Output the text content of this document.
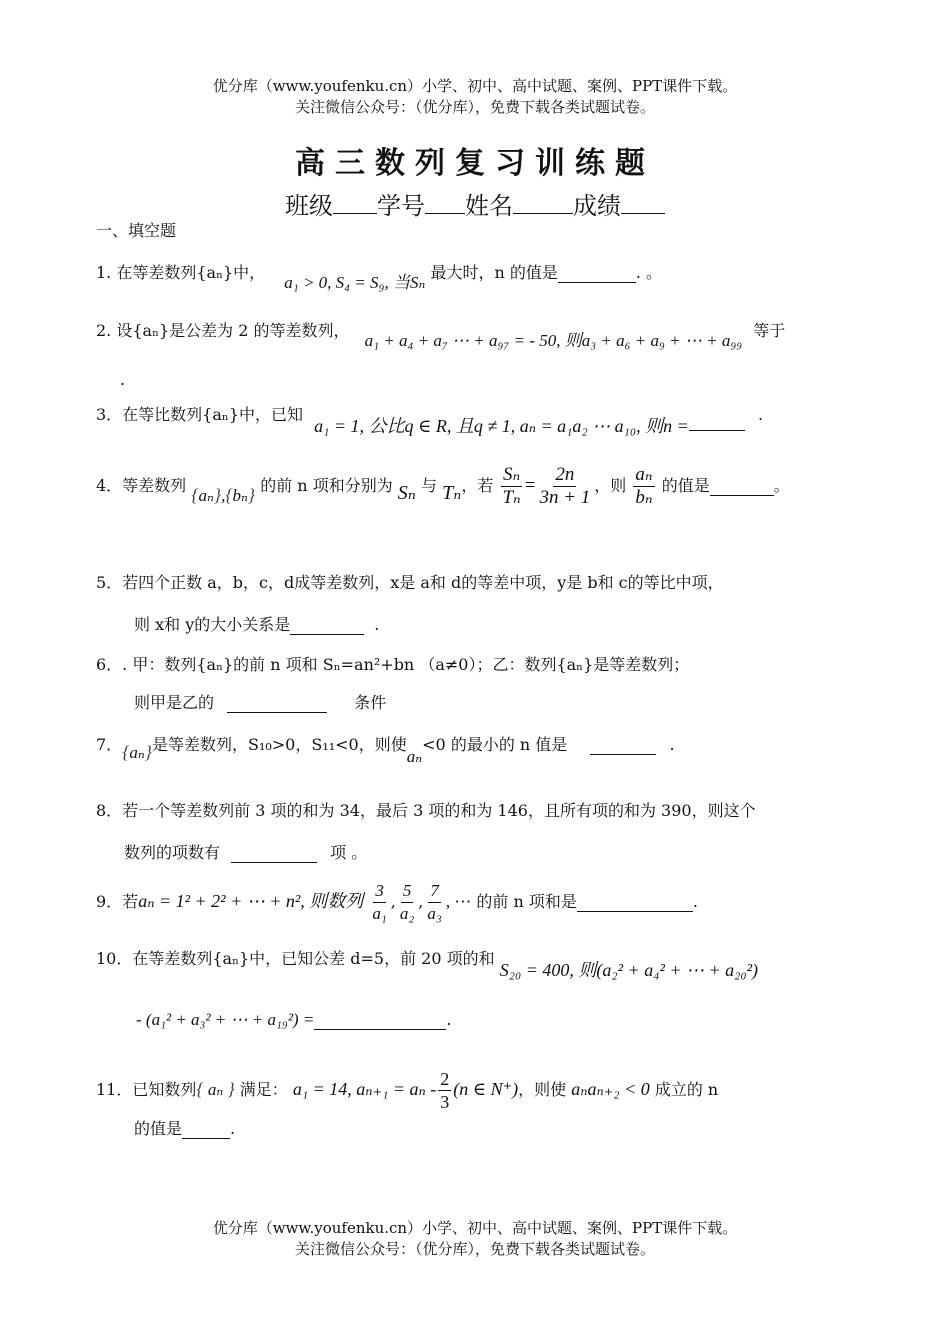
优分库（www.youfenku.cn）小学、初中、高中试题、案例、PPT课件下载。
关注微信公众号：（优分库），免费下载各类试题试卷。
高三数列复习训练题
班级 学号 姓名	成绩
一、填空题
1. 在等差数列{aₙ}中， a₁ > 0, S₄ = S₉, 当Sₙ 最大时，n 的值是	. 。
2. 设{aₙ}是公差为 2 的等差数列， a₁ + a₄ + a₇ ⋯ + a₉₇ = - 50, 则a₃ + a₆ + a₉ + ⋯ + a₉₉ 等于
.
3．在等比数列{aₙ}中，已知 a₁ = 1, 公比q ∈ R, 且q ≠ 1, aₙ = a₁a₂ ⋯ a₁₀, 则n =  .
4．等差数列 {aₙ},{bₙ} 的前 n 项和分别为 Sₙ 与 Tₙ，若 $\frac{\text{Sₙ}}{\text{Tₙ}} = \frac{2n}{3n + 1}$ ，则 $\frac{\text{aₙ}}{\text{bₙ}}$ 的值是	。
5．若四个正数 a，b，c，d成等差数列，x是 a和 d的等差中项，y是 b和 c的等比中项，
则 x和 y的大小关系是	.
6．. 甲：数列{aₙ}的前 n 项和 Sₙ=an²+bn （a≠0）；乙：数列{aₙ}是等差数列；
则甲是乙的	条件
7．{aₙ}是等差数列，S₁₀>0，S₁₁<0，则使aₙ<0 的最小的 n 值是	.
8．若一个等差数列前 3 项的和为 34，最后 3 项的和为 146，且所有项的和为 390，则这个
数列的项数有	项 。
9．若aₙ = 1² + 2² + ⋯ + n², 则数列 $\frac{3}{\text{a₁}}$ , $\frac{5}{\text{a₂}}$ , $\frac{7}{\text{a₃}}$ , ⋯ 的前 n 项和是	.
10．在等差数列{aₙ}中，已知公差 d=5，前 20 项的和 S₂₀ = 400, 则(a₂² + a₄² + ⋯ + a₂₀²)
- (a₁² + a₃² + ⋯ + a₁₉²) =	.
11．已知数列{ aₙ } 满足： a₁ = 14, $a_{n+1} = a_n - \frac{2}{3} (n$ ∈ N⁺)，则使 aₙaₙ₊₂ < 0 成立的 n
的值是	.
优分库（www.youfenku.cn）小学、初中、高中试题、案例、PPT课件下载。
关注微信公众号：（优分库），免费下载各类试题试卷。
